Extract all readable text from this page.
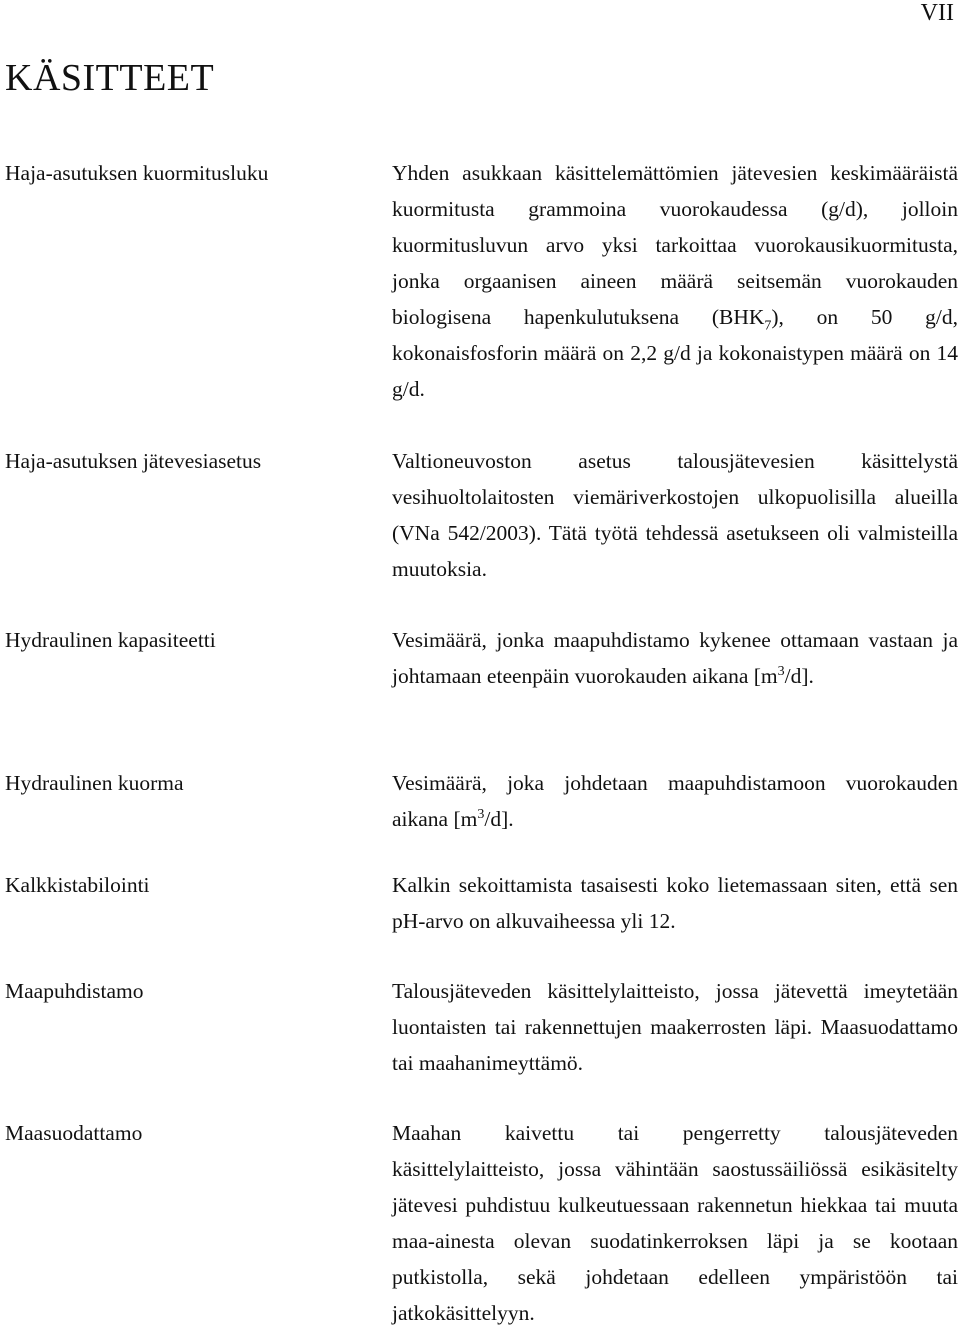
VII
KÄSITTEET
Haja-asutuksen kuormitusluku	Yhden asukkaan käsittelemättömien jätevesien keskimääräistä kuormitusta grammoina vuorokaudessa (g/d), jolloin kuormitusluvun arvo yksi tarkoittaa vuorokausikuormitusta, jonka orgaanisen aineen määrä seitsemän vuorokauden biologisena hapenkulutuksena $(BHK_7)$, on 50 g/d, kokonaisfosforin määrä on 2,2 g/d ja kokonaistypen määrä on 14 g/d.

Haja-asutuksen jätevesiasetus	Valtioneuvoston asetus talousjätevesien käsittelystä vesihuoltolaitosten viemäriverkostojen ulkopuolisilla alueilla (VNa 542/2003). Tätä työtä tehdessä asetukseen oli valmisteilla muutoksia.

Hydraulinen kapasiteetti	Vesimäärä, jonka maapuhdistamo kykenee ottamaan vastaan ja johtamaan eteenpäin vuorokauden aikana $[m^3/d]$.

Hydraulinen kuorma	Vesimäärä, joka johdetaan maapuhdistamoon vuorokauden aikana $[m^3/d]$.

Kalkkistabilointi	Kalkin sekoittamista tasaisesti koko lietemassaan siten, että sen pH-arvo on alkuvaiheessa yli 12.

Maapuhdistamo	Talousjäteveden käsittelylaitteisto, jossa jätevettä imeytetään luontaisten tai rakennettujen maakerrosten läpi. Maasuodattamo tai maahanimeyttämö.

Maasuodattamo	Maahan kaivettu tai pengerretty talousjäteveden käsittelylaitteisto, jossa vähintään saostussäiliössä esikäsitelty jätevesi puhdistuu kulkeutuessaan rakennetun hiekkaa tai muuta maa-ainesta olevan suodatinkerroksen läpi ja se kootaan putkistolla, sekä johdetaan edelleen ympäristöön tai jatkokäsittelyyn.
